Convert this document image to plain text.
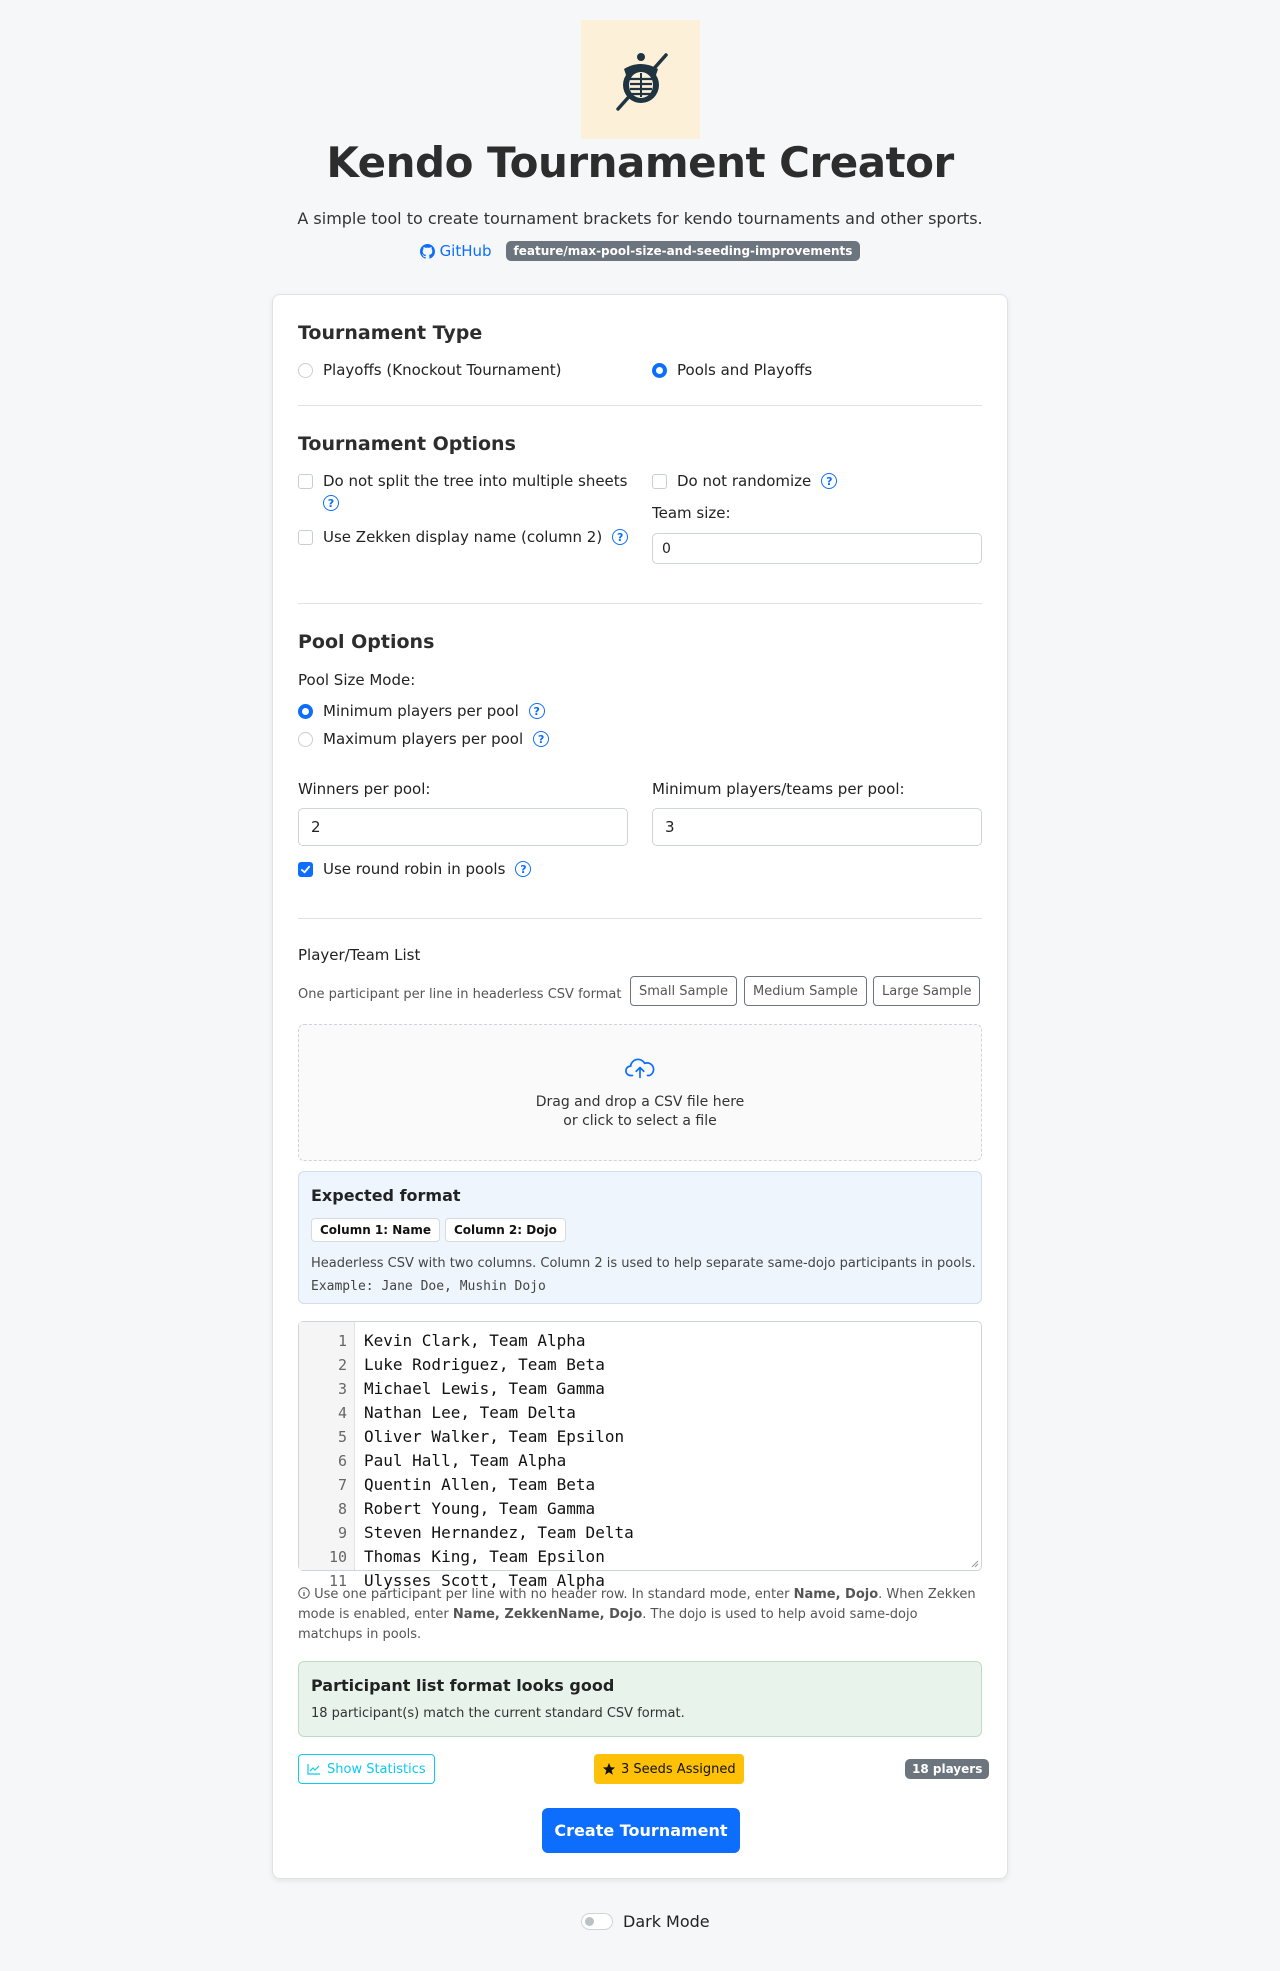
Kendo Tournament Creator

A simple tool to create tournament brackets for kendo tournaments and other sports.

GitHub	feature/max-pool-size-and-seeding-improvements
Tournament Type
Playoffs (Knockout Tournament)	Pools and Playoffs
Tournament Options
Do not split the tree into multiple sheets
?
Use Zekken display name (column 2)	?
Do not randomize	?
Team size:
0
Pool Options
Pool Size Mode:
Minimum players per pool	?
Maximum players per pool	?
Winners per pool:
2
Minimum players/teams per pool:
3
Use round robin in pools	?
Player/Team List
One participant per line in headerless CSV format	Small Sample	Medium Sample	Large Sample
Drag and drop a CSV file here
or click to select a file
Expected format
Column 1: Name	Column 2: Dojo
Headerless CSV with two columns. Column 2 is used to help separate same-dojo participants in pools.
Example: Jane Doe, Mushin Dojo
1
2
3
4
5
6
7
8
9
10
11
Kevin Clark, Team Alpha
Luke Rodriguez, Team Beta
Michael Lewis, Team Gamma
Nathan Lee, Team Delta
Oliver Walker, Team Epsilon
Paul Hall, Team Alpha
Quentin Allen, Team Beta
Robert Young, Team Gamma
Steven Hernandez, Team Delta
Thomas King, Team Epsilon
Ulysses Scott, Team Alpha
Use one participant per line with no header row. In standard mode, enter Name, Dojo. When Zekken mode is enabled, enter Name, ZekkenName, Dojo. The dojo is used to help avoid same-dojo matchups in pools.
Participant list format looks good
18 participant(s) match the current standard CSV format.
Show Statistics	3 Seeds Assigned	18 players
Create Tournament
Dark Mode
